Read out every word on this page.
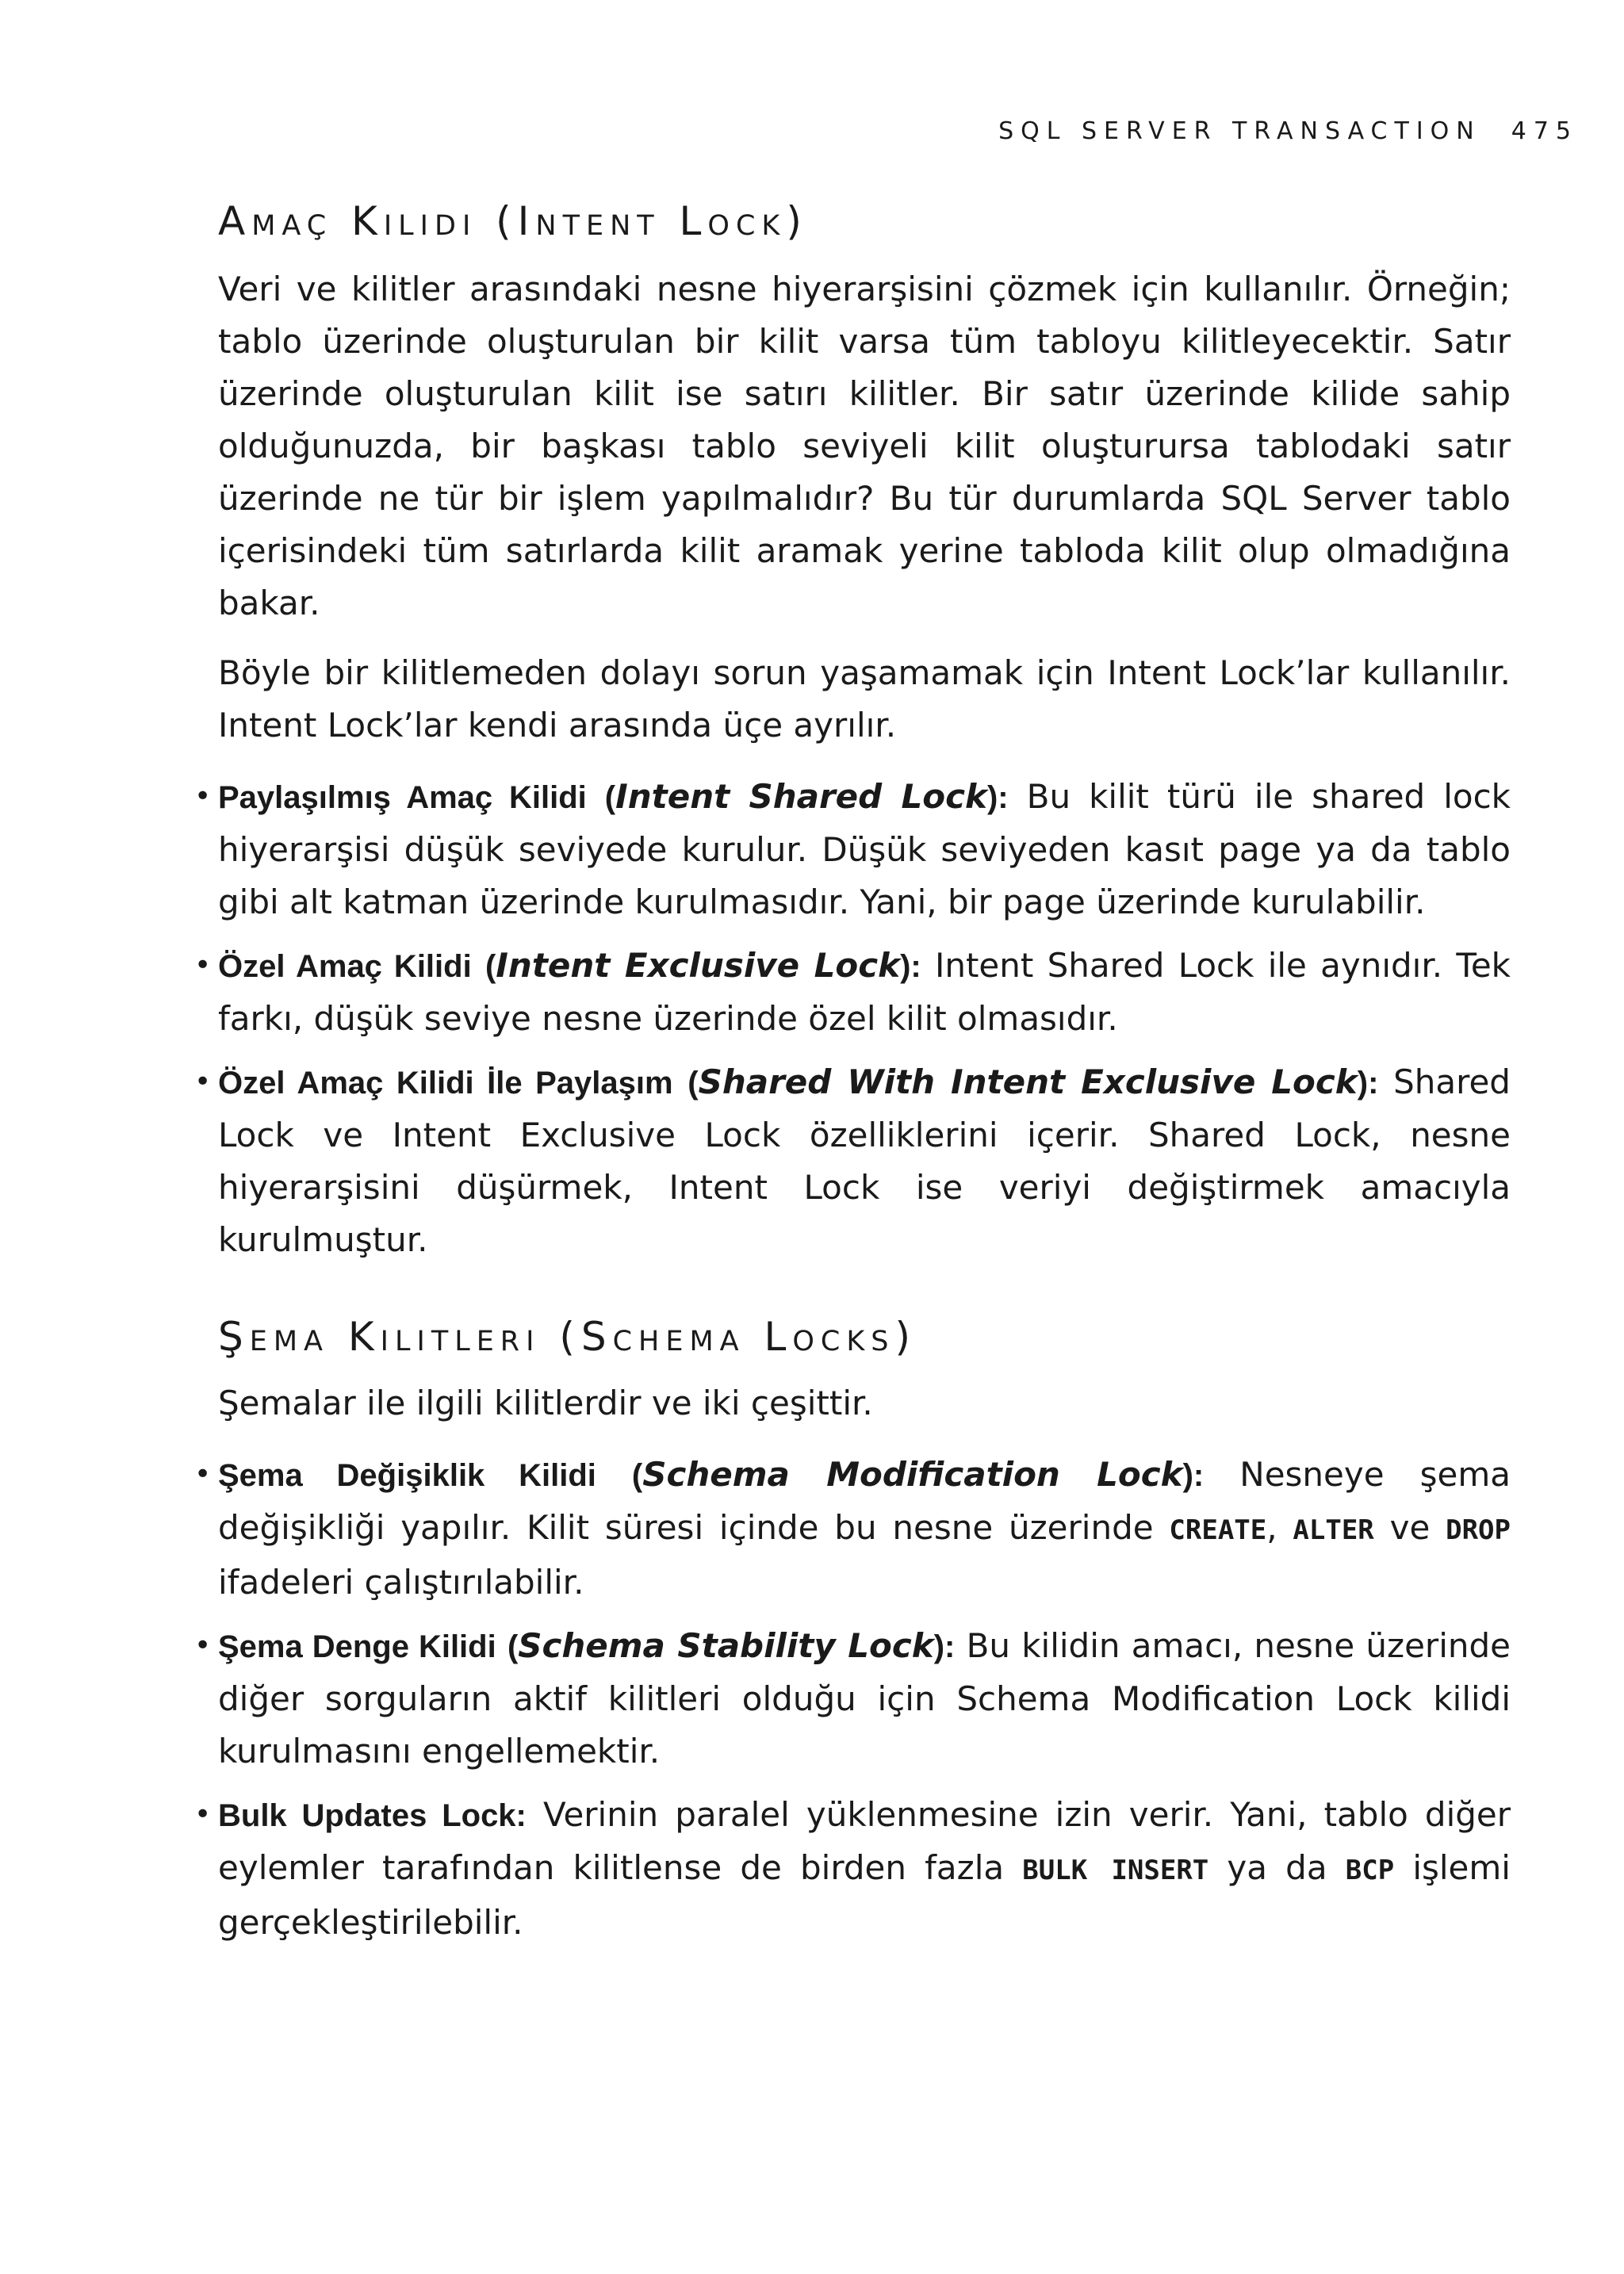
SQL SERVER TRANSACTION 475
Amaç Kilidi (Intent Lock)

Veri ve kilitler arasındaki nesne hiyerarşisini çözmek için kullanılır. Örneğin; tablo üzerinde oluşturulan bir kilit varsa tüm tabloyu kilitleyecektir. Satır üzerinde oluşturulan kilit ise satırı kilitler. Bir satır üzerinde kilide sahip olduğunuzda, bir başkası tablo seviyeli kilit oluşturursa tablodaki satır üzerinde ne tür bir işlem yapılmalıdır? Bu tür durumlarda SQL Server tablo içerisindeki tüm satırlarda kilit aramak yerine tabloda kilit olup olmadığına bakar.

Böyle bir kilitlemeden dolayı sorun yaşamamak için Intent Lock’lar kullanılır. Intent Lock’lar kendi arasında üçe ayrılır.

• Paylaşılmış Amaç Kilidi (Intent Shared Lock): Bu kilit türü ile shared lock hiyerarşisi düşük seviyede kurulur. Düşük seviyeden kasıt page ya da tablo gibi alt katman üzerinde kurulmasıdır. Yani, bir page üzerinde kurulabilir.
• Özel Amaç Kilidi (Intent Exclusive Lock): Intent Shared Lock ile aynıdır. Tek farkı, düşük seviye nesne üzerinde özel kilit olmasıdır.
• Özel Amaç Kilidi İle Paylaşım (Shared With Intent Exclusive Lock): Shared Lock ve Intent Exclusive Lock özelliklerini içerir. Shared Lock, nesne hiyerarşisini düşürmek, Intent Lock ise veriyi değiştirmek amacıyla kurulmuştur.
Şema Kilitleri (Schema Locks)

Şemalar ile ilgili kilitlerdir ve iki çeşittir.

• Şema Değişiklik Kilidi (Schema Modification Lock): Nesneye şema değişikliği yapılır. Kilit süresi içinde bu nesne üzerinde CREATE, ALTER ve DROP ifadeleri çalıştırılabilir.
• Şema Denge Kilidi (Schema Stability Lock): Bu kilidin amacı, nesne üzerinde diğer sorguların aktif kilitleri olduğu için Schema Modification Lock kilidi kurulmasını engellemektir.
• Bulk Updates Lock: Verinin paralel yüklenmesine izin verir. Yani, tablo diğer eylemler tarafından kilitlense de birden fazla BULK INSERT ya da BCP işlemi gerçekleştirilebilir.
